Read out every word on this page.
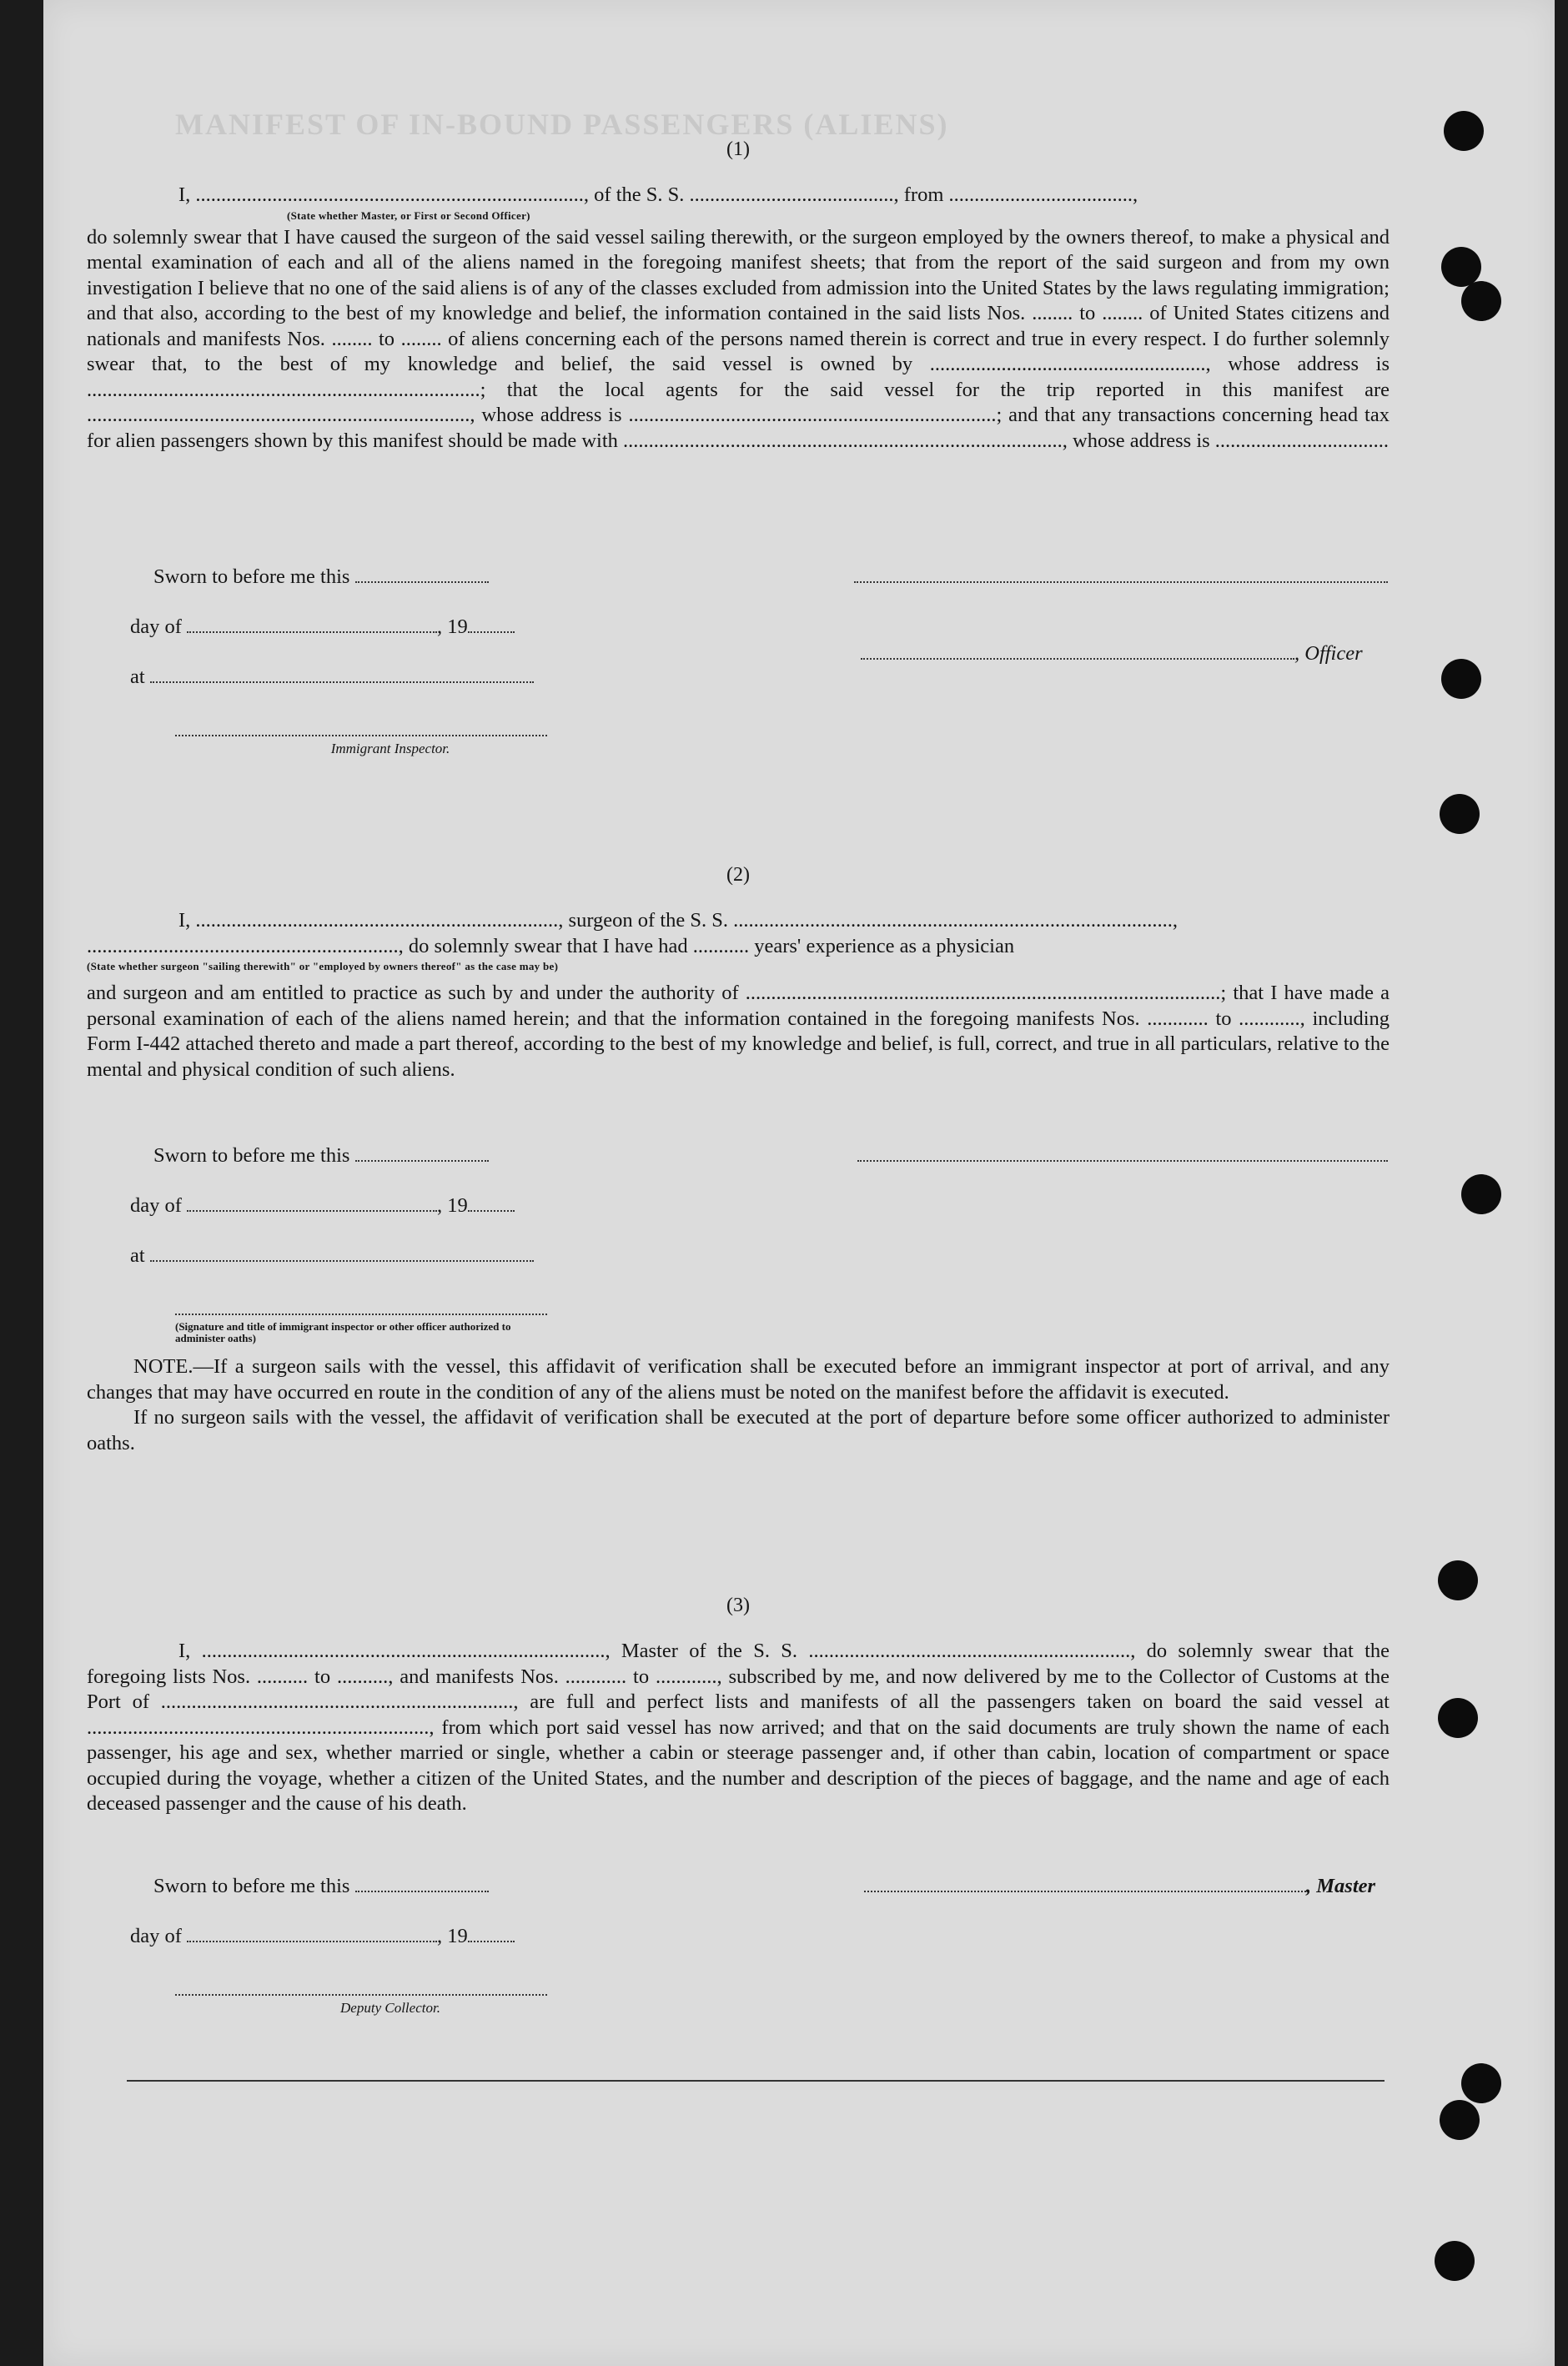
MANIFEST OF IN-BOUND PASSENGERS (ALIENS)
(1)

I, ............................................................................, of the S. S. ........................................, from ....................................,

(State whether Master, or First or Second Officer)

do solemnly swear that I have caused the surgeon of the said vessel sailing therewith, or the surgeon employed by the owners thereof, to make a physical and mental examination of each and all of the aliens named in the foregoing manifest sheets; that from the report of the said surgeon and from my own investigation I believe that no one of the said aliens is of any of the classes excluded from admission into the United States by the laws regulating immigration; and that also, according to the best of my knowledge and belief, the information contained in the said lists Nos. ........ to ........ of United States citizens and nationals and manifests Nos. ........ to ........ of aliens concerning each of the persons named therein is correct and true in every respect. I do further solemnly swear that, to the best of my knowledge and belief, the said vessel is owned by ......................................................, whose address is .............................................................................; that the local agents for the said vessel for the trip reported in this manifest are ..........................................................................., whose address is ........................................................................; and that any transactions concerning head tax for alien passengers shown by this manifest should be made with ......................................................................................, whose address is ..................................

Sworn to before me this
day of	, 19
, Officer
at
Immigrant Inspector.
(2)

I, ......................................................................., surgeon of the S. S. ......................................................................................,

............................................................., do solemnly swear that I have had ........... years' experience as a physician

(State whether surgeon "sailing therewith" or "employed by owners thereof" as the case may be)

and surgeon and am entitled to practice as such by and under the authority of .............................................................................................; that I have made a personal examination of each of the aliens named herein; and that the information contained in the foregoing manifests Nos. ............ to ............, including Form I-442 attached thereto and made a part thereof, according to the best of my knowledge and belief, is full, correct, and true in all particulars, relative to the mental and physical condition of such aliens.

Sworn to before me this
day of	, 19
at
(Signature and title of immigrant inspector or other officer authorized to administer oaths)

NOTE.—If a surgeon sails with the vessel, this affidavit of verification shall be executed before an immigrant inspector at port of arrival, and any changes that may have occurred en route in the condition of any of the aliens must be noted on the manifest before the affidavit is executed.

If no surgeon sails with the vessel, the affidavit of verification shall be executed at the port of departure before some officer authorized to administer oaths.

(3)

I, ..............................................................................., Master of the S. S. ..............................................................., do solemnly swear that the foregoing lists Nos. .......... to .........., and manifests Nos. ............ to ............, subscribed by me, and now delivered by me to the Collector of Customs at the Port of ....................................................................., are full and perfect lists and manifests of all the passengers taken on board the said vessel at ..................................................................., from which port said vessel has now arrived; and that on the said documents are truly shown the name of each passenger, his age and sex, whether married or single, whether a cabin or steerage passenger and, if other than cabin, location of compartment or space occupied during the voyage, whether a citizen of the United States, and the number and description of the pieces of baggage, and the name and age of each deceased passenger and the cause of his death.

Sworn to before me this	, Master
day of	, 19
Deputy Collector.
